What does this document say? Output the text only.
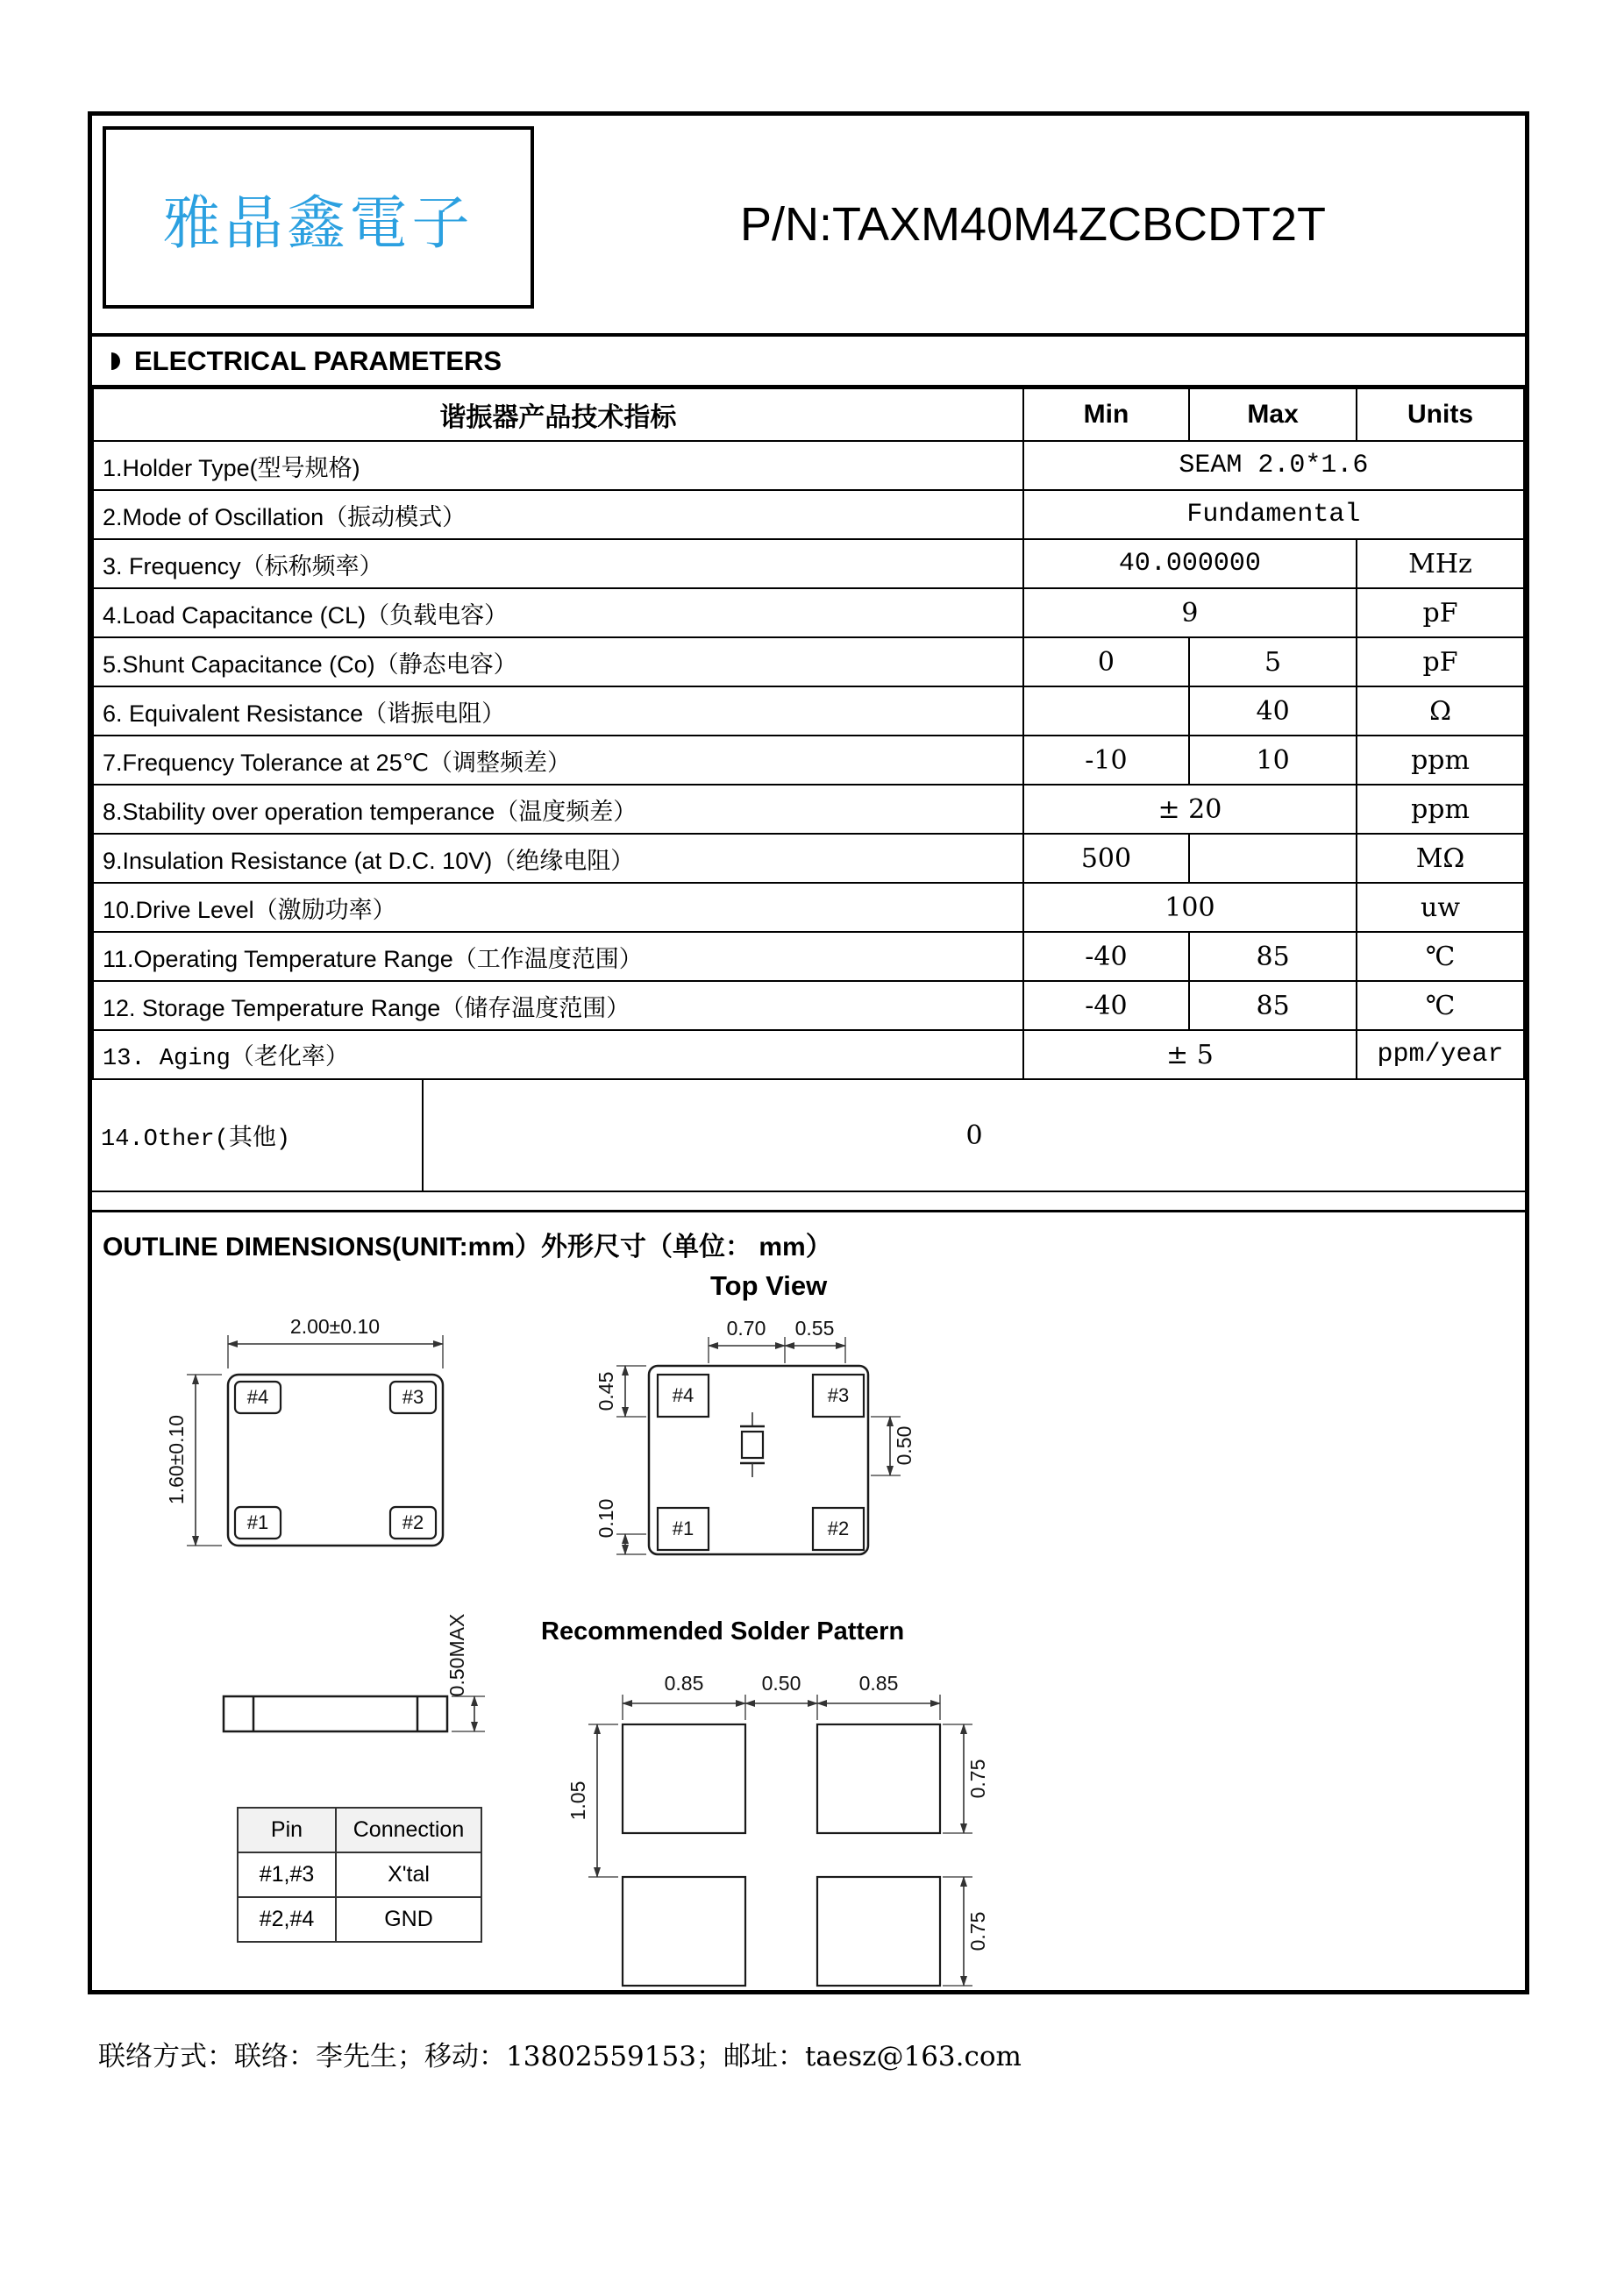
雅晶鑫電子	P/N:TAXM40M4ZCBCDT2T
ELECTRICAL PARAMETERS
谐振器产品技术指标	Min	Max	Units
1.Holder Type(型号规格)	SEAM 2.0*1.6		
2.Mode of Oscillation（振动模式）	Fundamental		
3. Frequency（标称频率）	40.000000		MHz
4.Load Capacitance (CL)（负载电容）	9		pF
5.Shunt Capacitance (Co)（静态电容）	0	5	pF
6. Equivalent Resistance（谐振电阻）		40	Ω
7.Frequency Tolerance at 25℃（调整频差）	-10	10	ppm
8.Stability over operation temperance（温度频差）	± 20		ppm
9.Insulation Resistance (at D.C. 10V)（绝缘电阻）	500		MΩ
10.Drive Level（激励功率）	100		uw
11.Operating Temperature Range（工作温度范围）	-40	85	℃
12. Storage Temperature Range（储存温度范围）	-40	85	℃
13. Aging（老化率）	± 5		ppm/year
14.Other(其他)	0
OUTLINE DIMENSIONS(UNIT:mm）外形尺寸（单位： mm）
Top View
Recommended Solder Pattern
#4	#3
#1	#2
2.00±0.10
1.60±0.10
#4	#3
#1	#2
0.70 0.55
0.45
0.10
0.50
0.50MAX	0.85	0.50	0.85
1.05
0.75
0.75
Pin	Connection
#1,#3	X'tal
#2,#4	GND
联络方式：联络：李先生；移动：13802559153；邮址：taesz@163.com
